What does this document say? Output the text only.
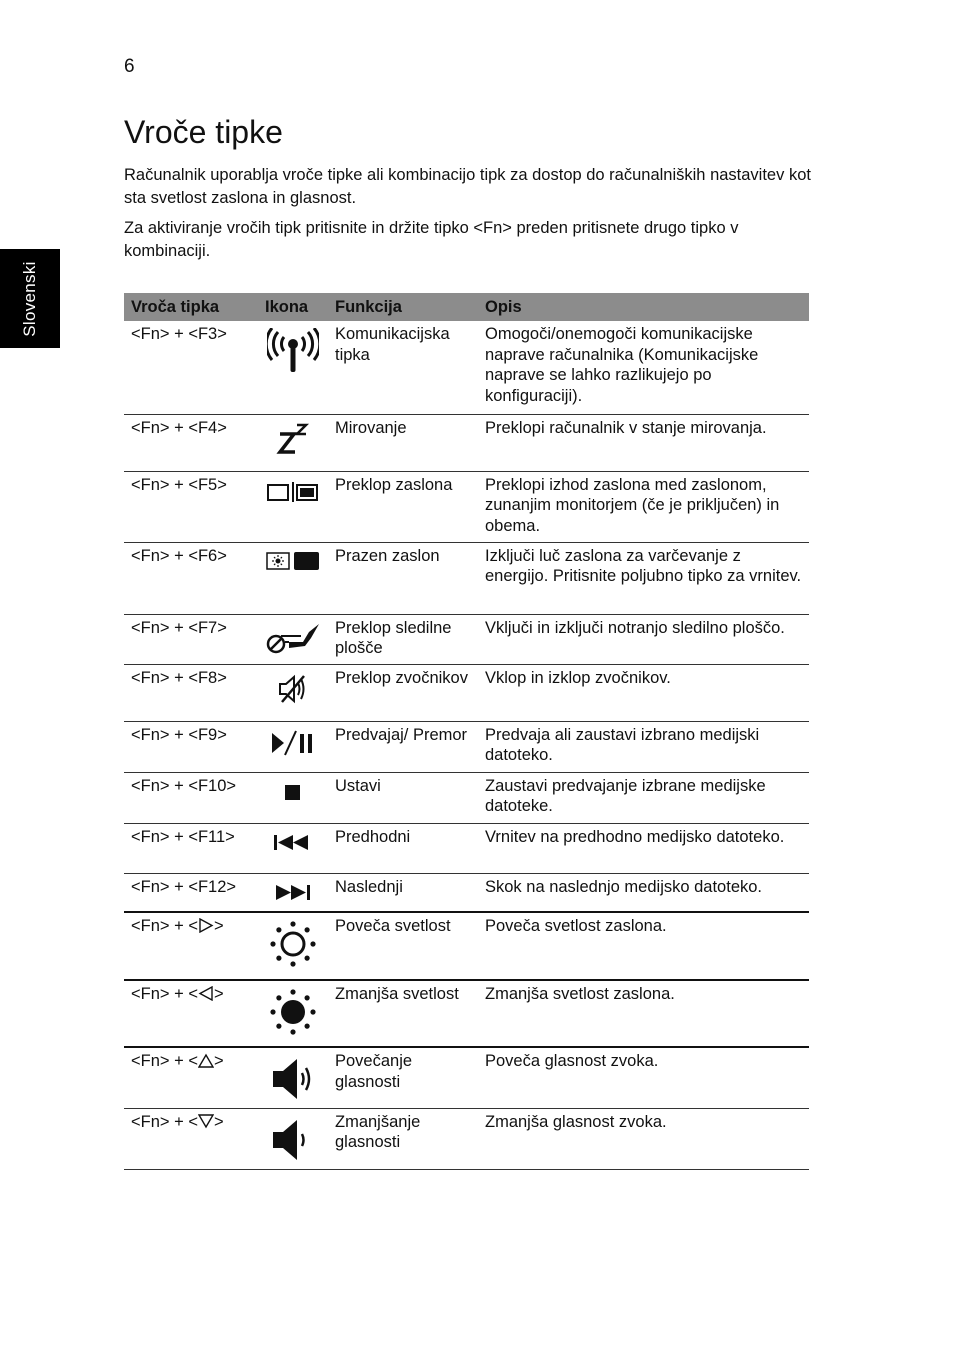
6
Slovenski
Vroče tipke

Računalnik uporablja vroče tipke ali kombinacijo tipk za dostop do računalniških nastavitev kot sta svetlost zaslona in glasnost.

Za aktiviranje vročih tipk pritisnite in držite tipko <Fn> preden pritisnete drugo tipko v kombinaciji.

Vroča tipka	Ikona	Funkcija	Opis
<Fn> + <F3>		Komunikacijska tipka	Omogoči/onemogoči komunikacijske naprave računalnika (Komunikacijske naprave se lahko razlikujejo po konfiguraciji).
<Fn> + <F4>		Mirovanje	Preklopi računalnik v stanje mirovanja.
<Fn> + <F5>		Preklop zaslona	Preklopi izhod zaslona med zaslonom, zunanjim monitorjem (če je priključen) in obema.
<Fn> + <F6>		Prazen zaslon	Izključi luč zaslona za varčevanje z energijo. Pritisnite poljubno tipko za vrnitev.
<Fn> + <F7>		Preklop sledilne plošče	Vključi in izključi notranjo sledilno ploščo.
<Fn> + <F8>		Preklop zvočnikov	Vklop in izklop zvočnikov.
<Fn> + <F9>		Predvajaj/ Premor	Predvaja ali zaustavi izbrano medijski datoteko.
<Fn> + <F10>		Ustavi	Zaustavi predvajanje izbrane medijske datoteke.
<Fn> + <F11>		Predhodni	Vrnitev na predhodno medijsko datoteko.
<Fn> + <F12>		Naslednji	Skok na naslednjo medijsko datoteko.
<Fn> + < >		Poveča svetlost	Poveča svetlost zaslona.
<Fn> + < >		Zmanjša svetlost	Zmanjša svetlost zaslona.
<Fn> + < >		Povečanje glasnosti	Poveča glasnost zvoka.
<Fn> + < >		Zmanjšanje glasnosti	Zmanjša glasnost zvoka.
